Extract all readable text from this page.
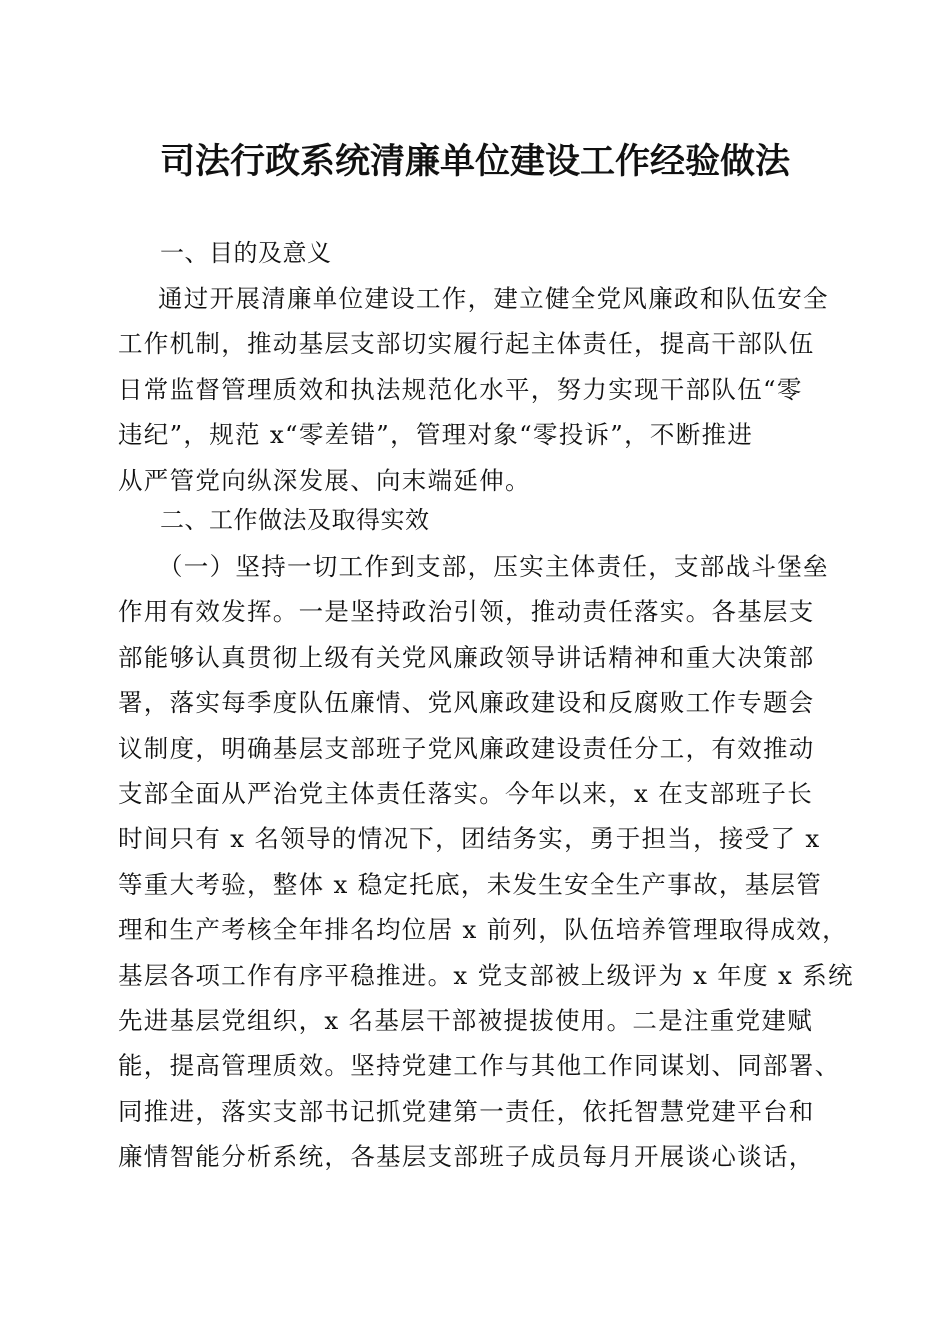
司法行政系统清廉单位建设工作经验做法
一、目的及意义
通过开展清廉单位建设工作，建立健全党风廉政和队伍安全
工作机制，推动基层支部切实履行起主体责任，提高干部队伍
日常监督管理质效和执法规范化水平，努力实现干部队伍“零
违纪”，规范 x“零差错”，管理对象“零投诉”，不断推进
从严管党向纵深发展、向末端延伸。
二、工作做法及取得实效
（一）坚持一切工作到支部，压实主体责任，支部战斗堡垒
作用有效发挥。一是坚持政治引领，推动责任落实。各基层支
部能够认真贯彻上级有关党风廉政领导讲话精神和重大决策部
署，落实每季度队伍廉情、党风廉政建设和反腐败工作专题会
议制度，明确基层支部班子党风廉政建设责任分工，有效推动
支部全面从严治党主体责任落实。今年以来，x 在支部班子长
时间只有 x 名领导的情况下，团结务实，勇于担当，接受了 x
等重大考验，整体 x 稳定托底，未发生安全生产事故，基层管
理和生产考核全年排名均位居 x 前列，队伍培养管理取得成效，
基层各项工作有序平稳推进。x 党支部被上级评为 x 年度 x 系统
先进基层党组织，x 名基层干部被提拔使用。二是注重党建赋
能，提高管理质效。坚持党建工作与其他工作同谋划、同部署、
同推进，落实支部书记抓党建第一责任，依托智慧党建平台和
廉情智能分析系统，各基层支部班子成员每月开展谈心谈话，
